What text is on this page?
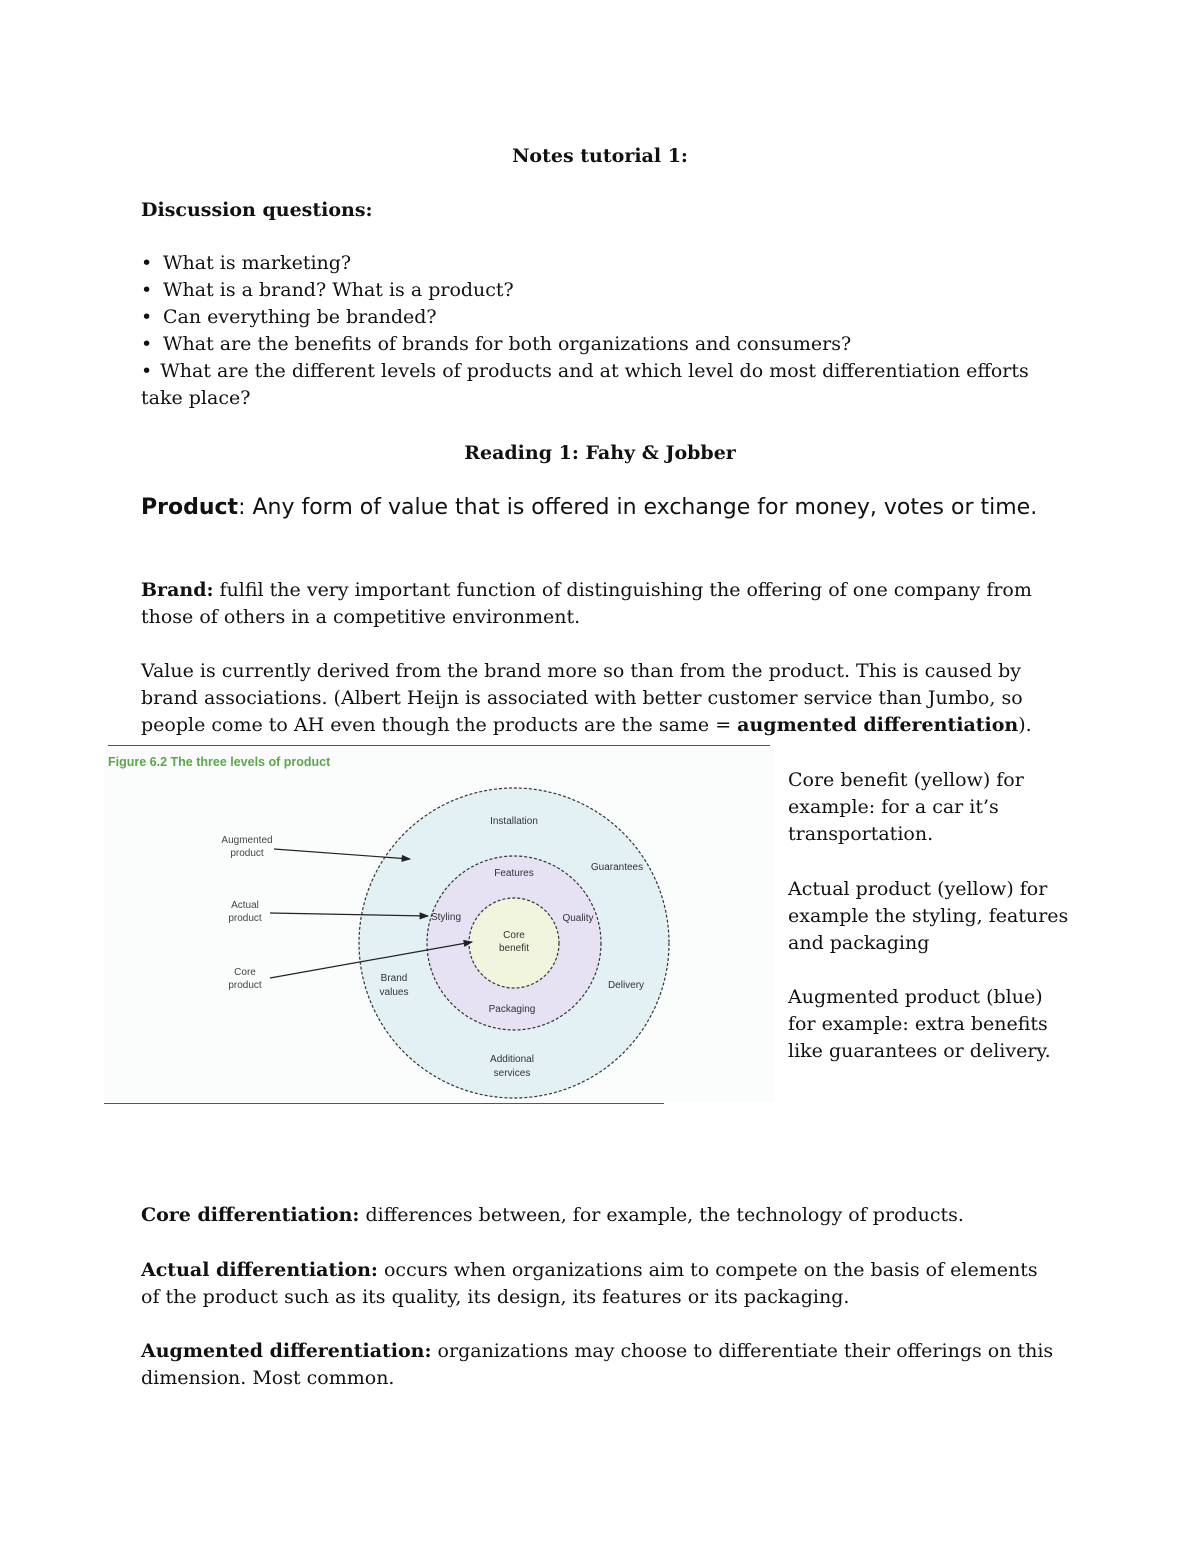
Notes tutorial 1:
Discussion questions:
• What is marketing?
• What is a brand? What is a product?
• Can everything be branded?
• What are the benefits of brands for both organizations and consumers?
• What are the different levels of products and at which level do most differentiation efforts take place?
Reading 1: Fahy & Jobber
Product: Any form of value that is offered in exchange for money, votes or time.
Brand: fulfil the very important function of distinguishing the offering of one company from those of others in a competitive environment.
Value is currently derived from the brand more so than from the product. This is caused by brand associations. (Albert Heijn is associated with better customer service than Jumbo, so people come to AH even though the products are the same = augmented differentiation).
Figure 6.2 The three levels of product
Installation
Guarantees
Delivery
Additional
services
Brand
values
Features
Styling	Quality
Packaging
Core
benefit
Augmented
product
Actual
product
Core
product
Core benefit (yellow) for example: for a car it’s transportation.
Actual product (yellow) for example the styling, features and packaging
Augmented product (blue) for example: extra benefits like guarantees or delivery.
Core differentiation: differences between, for example, the technology of products.
Actual differentiation: occurs when organizations aim to compete on the basis of elements of the product such as its quality, its design, its features or its packaging.
Augmented differentiation: organizations may choose to differentiate their offerings on this dimension. Most common.
